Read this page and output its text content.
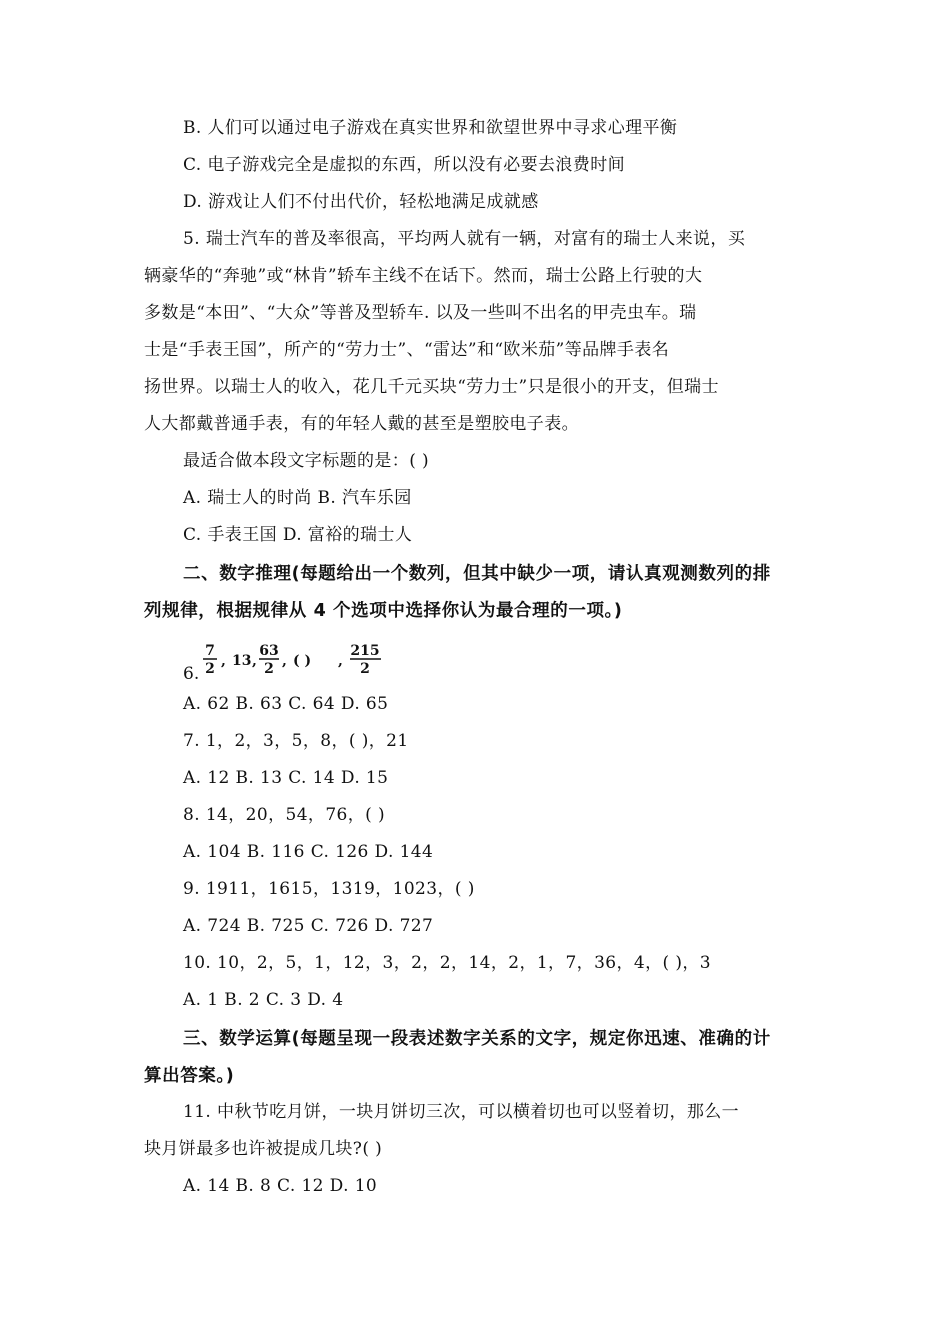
B. 人们可以通过电子游戏在真实世界和欲望世界中寻求心理平衡
C. 电子游戏完全是虚拟的东西，所以没有必要去浪费时间
D. 游戏让人们不付出代价，轻松地满足成就感
5. 瑞士汽车的普及率很高，平均两人就有一辆，对富有的瑞士人来说，买
辆豪华的“奔驰”或“林肯”轿车主线不在话下。然而，瑞士公路上行驶的大
多数是“本田”、“大众”等普及型轿车. 以及一些叫不出名的甲壳虫车。瑞
士是“手表王国”，所产的“劳力士”、“雷达”和“欧米茄”等品牌手表名
扬世界。以瑞士人的收入，花几千元买块“劳力士”只是很小的开支，但瑞士
人大都戴普通手表，有的年轻人戴的甚至是塑胶电子表。
最适合做本段文字标题的是：( )
A. 瑞士人的时尚 B. 汽车乐园
C. 手表王国 D. 富裕的瑞士人
二、数字推理(每题给出一个数列，但其中缺少一项，请认真观测数列的排
列规律，根据规律从 4 个选项中选择你认为最合理的一项。)
6.
7
2 , 13 ,
63
2 , ( ) ,
215
2
A. 62 B. 63 C. 64 D. 65
7. 1，2，3，5，8，( )，21
A. 12 B. 13 C. 14 D. 15
8. 14，20，54，76，( )
A. 104 B. 116 C. 126 D. 144
9. 1911，1615，1319，1023，( )
A. 724 B. 725 C. 726 D. 727
10. 10，2，5，1，12，3，2，2，14，2，1，7，36，4，( )，3
A. 1 B. 2 C. 3 D. 4
三、数学运算(每题呈现一段表述数字关系的文字，规定你迅速、准确的计
算出答案。)
11. 中秋节吃月饼，一块月饼切三次，可以横着切也可以竖着切，那么一
块月饼最多也许被提成几块?( )
A. 14 B. 8 C. 12 D. 10
